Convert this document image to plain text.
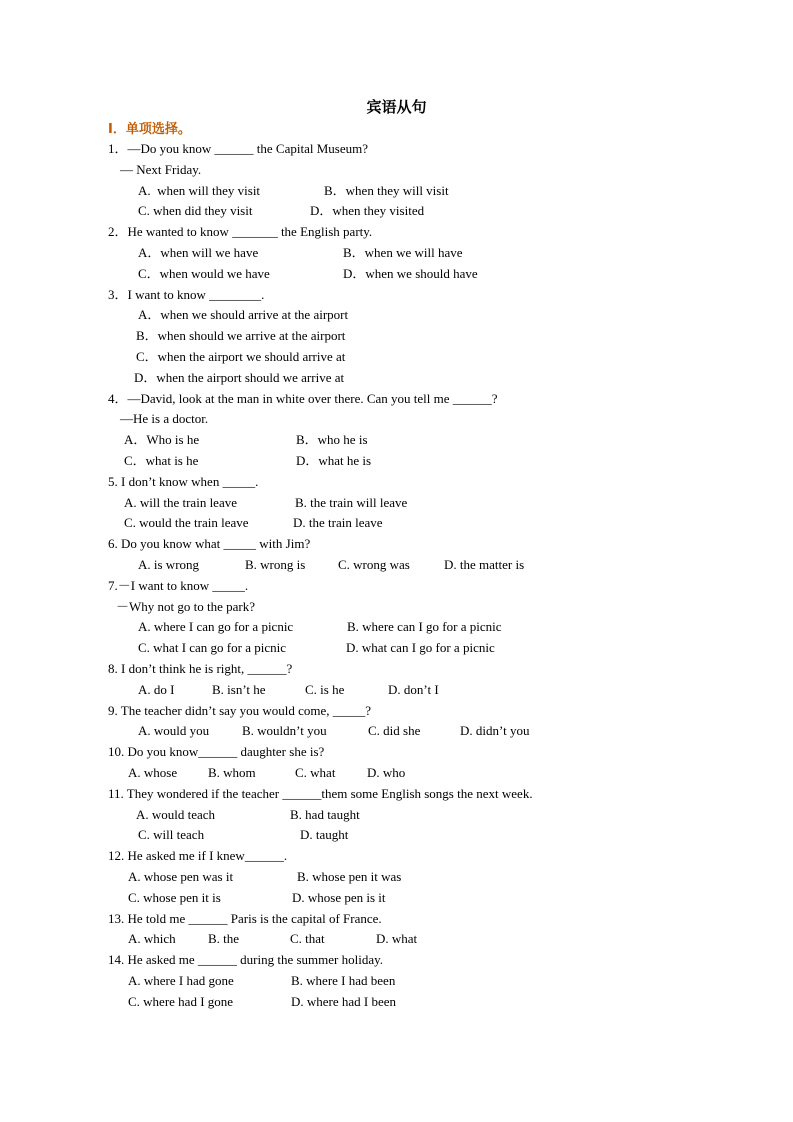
宾语从句
I．单项选择。
1．—Do you know ______ the Capital Museum?
— Next Friday.
A.  when will they visit	B．when they will visit
C. when did they visit	D．when they visited
2．He wanted to know _______ the English party.
A．when will we have	B．when we will have
C．when would we have	D．when we should have
3．I want to know ________.
A．when we should arrive at the airport
B．when should we arrive at the airport
C．when the airport we should arrive at
D．when the airport should we arrive at
4．—David, look at the man in white over there. Can you tell me ______?
—He is a doctor.
A．Who is he	B．who he is
C．what is he	D．what he is
5. I don’t know when _____.
A. will the train leave	B. the train will leave
C. would the train leave	D. the train leave
6. Do you know what _____ with Jim?
A. is wrong	B. wrong is	C. wrong was	D. the matter is
7.－I want to know _____.
－Why not go to the park?
A. where I can go for a picnic	B. where can I go for a picnic
C. what I can go for a picnic	D. what can I go for a picnic
8. I don’t think he is right, ______?
A. do I	B. isn’t he	C. is he	D. don’t I
9. The teacher didn’t say you would come, _____?
A. would you	B. wouldn’t you	C. did she	D. didn’t you
10. Do you know______ daughter she is?
A. whose B. whom	C. what D. who
11. They wondered if the teacher ______them some English songs the next week.
A. would teach	B. had taught
C. will teach	D. taught
12. He asked me if I knew______.
A. whose pen was it	B. whose pen it was
C. whose pen it is	D. whose pen is it
13. He told me ______ Paris is the capital of France.
A. which B. the	C. that	D. what
14. He asked me ______ during the summer holiday.
A. where I had gone	B. where I had been
C. where had I gone	D. where had I been
